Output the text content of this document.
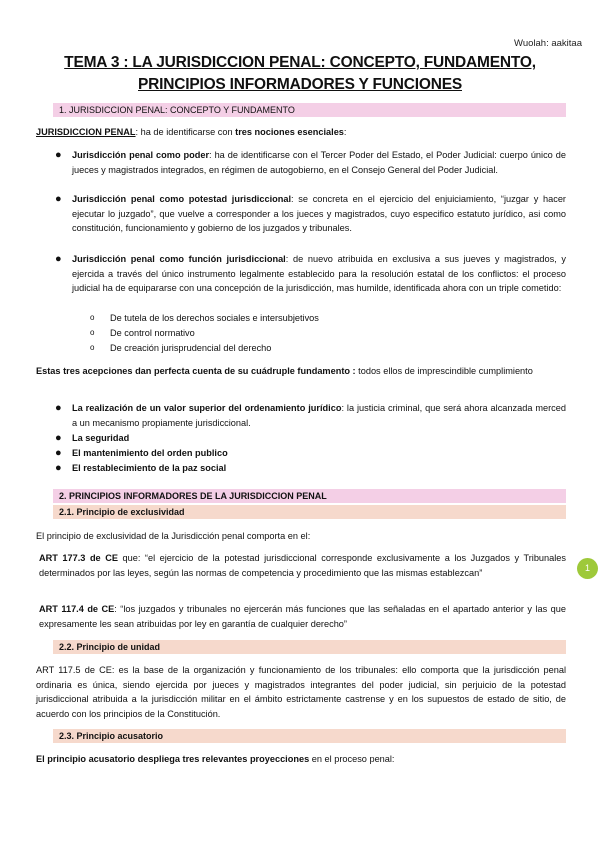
Wuolah: aakitaa
TEMA 3 : LA JURISDICCION PENAL: CONCEPTO, FUNDAMENTO,
PRINCIPIOS INFORMADORES Y FUNCIONES
1. JURISDICCION PENAL: CONCEPTO Y FUNDAMENTO
JURISDICCION PENAL: ha de identificarse con tres nociones esenciales:
● Jurisdicción penal como poder: ha de identificarse con el Tercer Poder del Estado, el Poder Judicial: cuerpo único de jueces y magistrados integrados, en régimen de autogobierno, en el Consejo General del Poder Judicial.
● Jurisdicción penal como potestad jurisdiccional: se concreta en el ejercicio del enjuiciamiento, “juzgar y hacer ejecutar lo juzgado”, que vuelve a corresponder a los jueces y magistrados, cuyo especifico estatuto jurídico, asi como constitución, funcionamiento y gobierno de los juzgados y tribunales.
● Jurisdicción penal como función jurisdiccional: de nuevo atribuida en exclusiva a sus jueves y magistrados, y ejercida a través del único instrumento legalmente establecido para la resolución estatal de los conflictos: el proceso judicial ha de equipararse con una concepción de la jurisdicción, mas humilde, identificada ahora con un triple cometido:
o De tutela de los derechos sociales e intersubjetivos
o De control normativo
o De creación jurisprudencial del derecho
Estas tres acepciones dan perfecta cuenta de su cuádruple fundamento : todos ellos de imprescindible cumplimiento
● La realización de un valor superior del ordenamiento jurídico: la justicia criminal, que será ahora alcanzada merced a un mecanismo propiamente jurisdiccional.
● La seguridad
● El mantenimiento del orden publico
● El restablecimiento de la paz social
2. PRINCIPIOS INFORMADORES DE LA JURISDICCION PENAL
2.1. Principio de exclusividad
El principio de exclusividad de la Jurisdicción penal comporta en el:
ART 177.3 de CE que: “el ejercicio de la potestad jurisdiccional corresponde exclusivamente a los Juzgados y Tribunales determinados por las leyes, según las normas de competencia y procedimiento que las mismas establezcan”
ART 117.4 de CE: “los juzgados y tribunales no ejercerán más funciones que las señaladas en el apartado anterior y las que expresamente les sean atribuidas por ley en garantía de cualquier derecho”
2.2. Principio de unidad
ART 117.5 de CE: es la base de la organización y funcionamiento de los tribunales: ello comporta que la jurisdicción penal ordinaria es única, siendo ejercida por jueces y magistrados integrantes del poder judicial, sin perjuicio de la potestad jurisdiccional atribuida a la jurisdicción militar en el ámbito estrictamente castrense y en los supuestos de estado de sitio, de acuerdo con los principios de la Constitución.
2.3. Principio acusatorio
El principio acusatorio despliega tres relevantes proyecciones en el proceso penal:
1
